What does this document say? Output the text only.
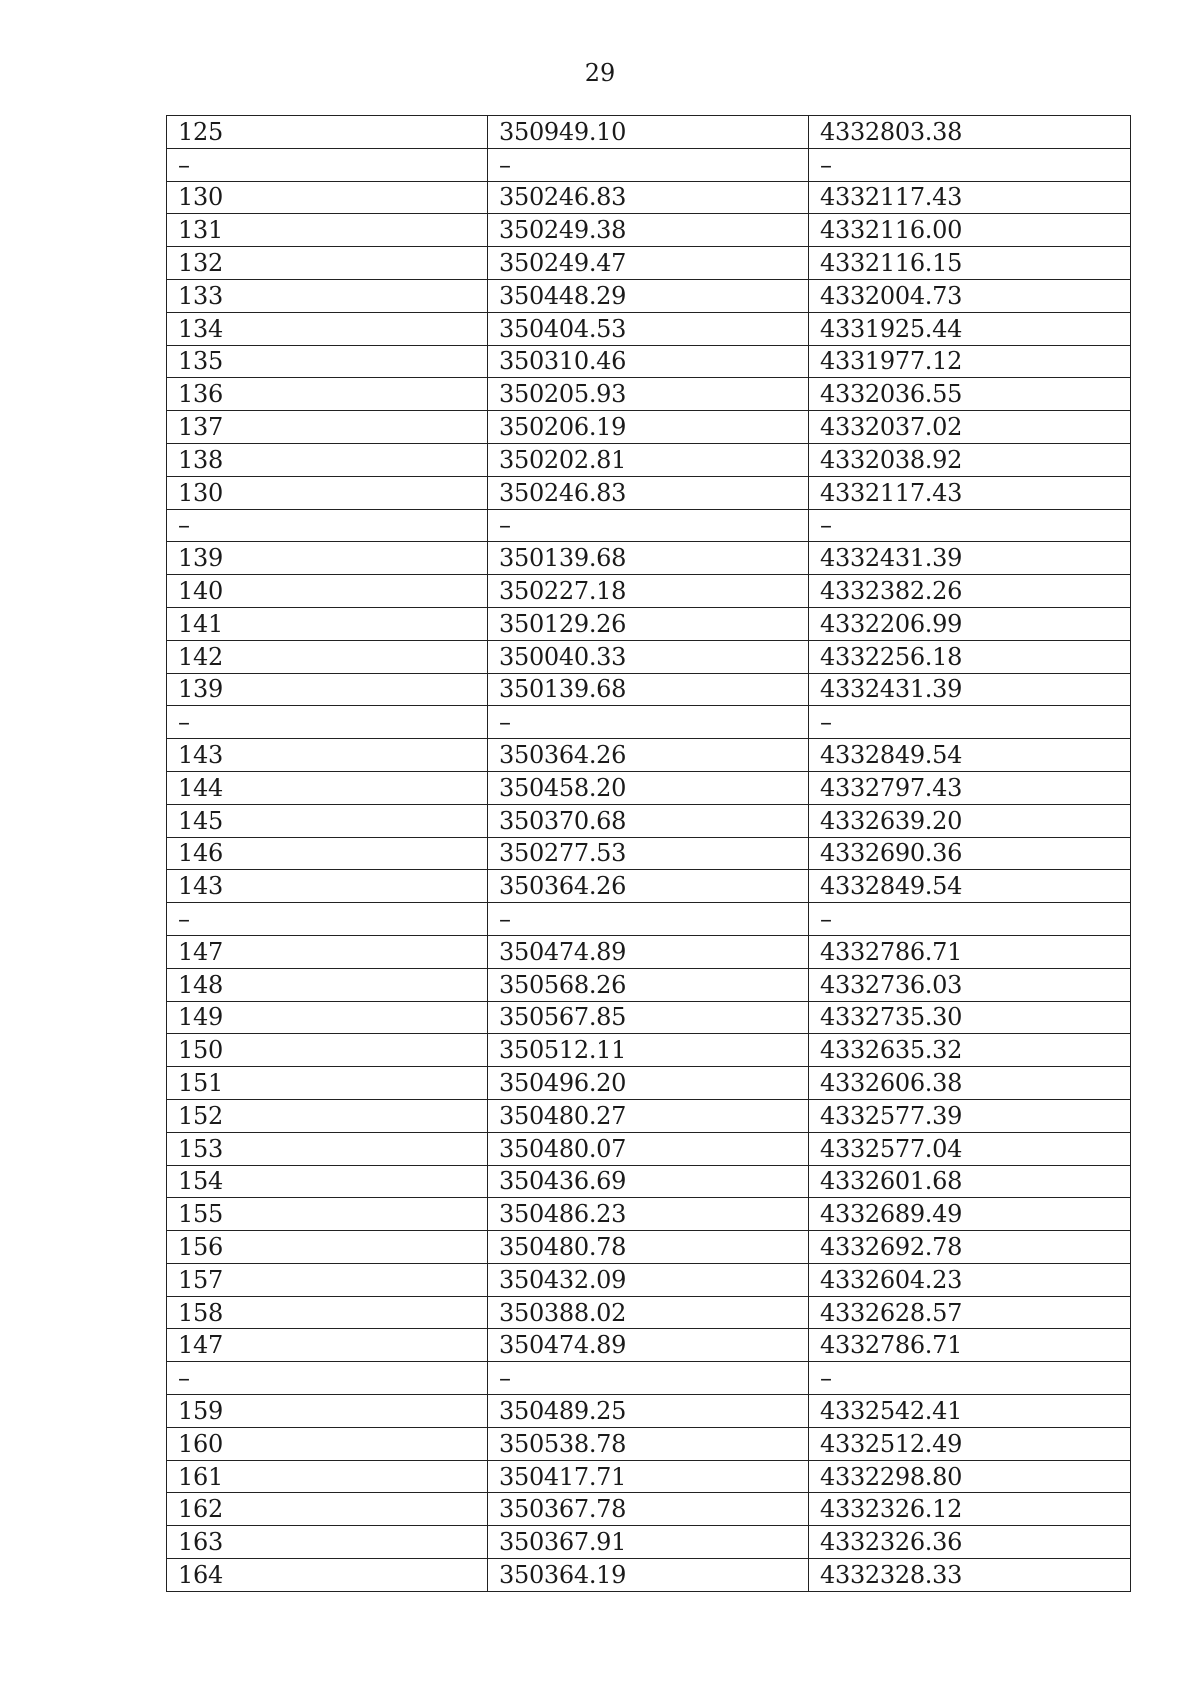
29
125	350949.10	4332803.38
–	–	–
130	350246.83	4332117.43
131	350249.38	4332116.00
132	350249.47	4332116.15
133	350448.29	4332004.73
134	350404.53	4331925.44
135	350310.46	4331977.12
136	350205.93	4332036.55
137	350206.19	4332037.02
138	350202.81	4332038.92
130	350246.83	4332117.43
–	–	–
139	350139.68	4332431.39
140	350227.18	4332382.26
141	350129.26	4332206.99
142	350040.33	4332256.18
139	350139.68	4332431.39
–	–	–
143	350364.26	4332849.54
144	350458.20	4332797.43
145	350370.68	4332639.20
146	350277.53	4332690.36
143	350364.26	4332849.54
–	–	–
147	350474.89	4332786.71
148	350568.26	4332736.03
149	350567.85	4332735.30
150	350512.11	4332635.32
151	350496.20	4332606.38
152	350480.27	4332577.39
153	350480.07	4332577.04
154	350436.69	4332601.68
155	350486.23	4332689.49
156	350480.78	4332692.78
157	350432.09	4332604.23
158	350388.02	4332628.57
147	350474.89	4332786.71
–	–	–
159	350489.25	4332542.41
160	350538.78	4332512.49
161	350417.71	4332298.80
162	350367.78	4332326.12
163	350367.91	4332326.36
164	350364.19	4332328.33
